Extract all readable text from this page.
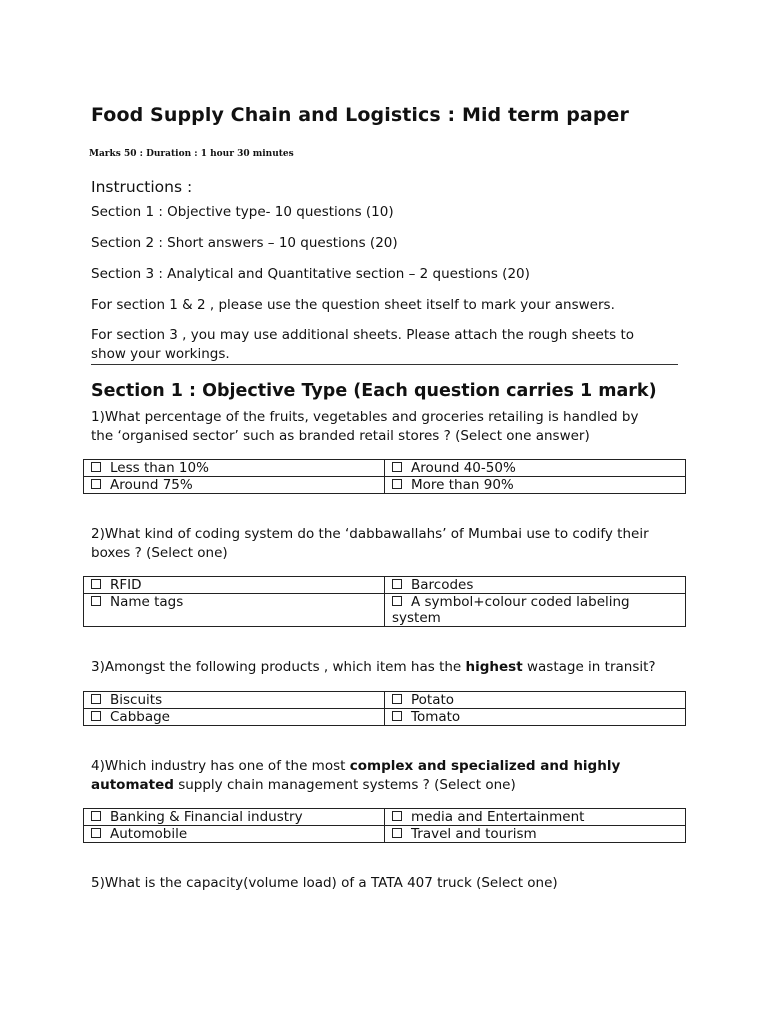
Food Supply Chain and Logistics : Mid term paper
Marks 50 : Duration : 1 hour 30 minutes
Instructions :
Section 1 : Objective type- 10 questions (10)
Section 2 : Short answers – 10 questions (20)
Section 3 : Analytical and Quantitative section – 2 questions (20)
For section 1 & 2 , please use the question sheet itself to mark your answers.
For section 3 , you may use additional sheets. Please attach the rough sheets to
show your workings.
Section 1 : Objective Type (Each question carries 1 mark)
1)What percentage of the fruits, vegetables and groceries retailing is handled by
the ‘organised sector’ such as branded retail stores ? (Select one answer)
Less than 10%	Around 40-50%
Around 75%	More than 90%
2)What kind of coding system do the ‘dabbawallahs’ of Mumbai use to codify their
boxes ? (Select one)
RFID	Barcodes
Name tags	A symbol+colour coded labeling
system
3)Amongst the following products , which item has the highest wastage in transit?
Biscuits	Potato
Cabbage	Tomato
4)Which industry has one of the most complex and specialized and highly
automated supply chain management systems ? (Select one)
Banking & Financial industry	media and Entertainment
Automobile	Travel and tourism
5)What is the capacity(volume load) of a TATA 407 truck (Select one)
